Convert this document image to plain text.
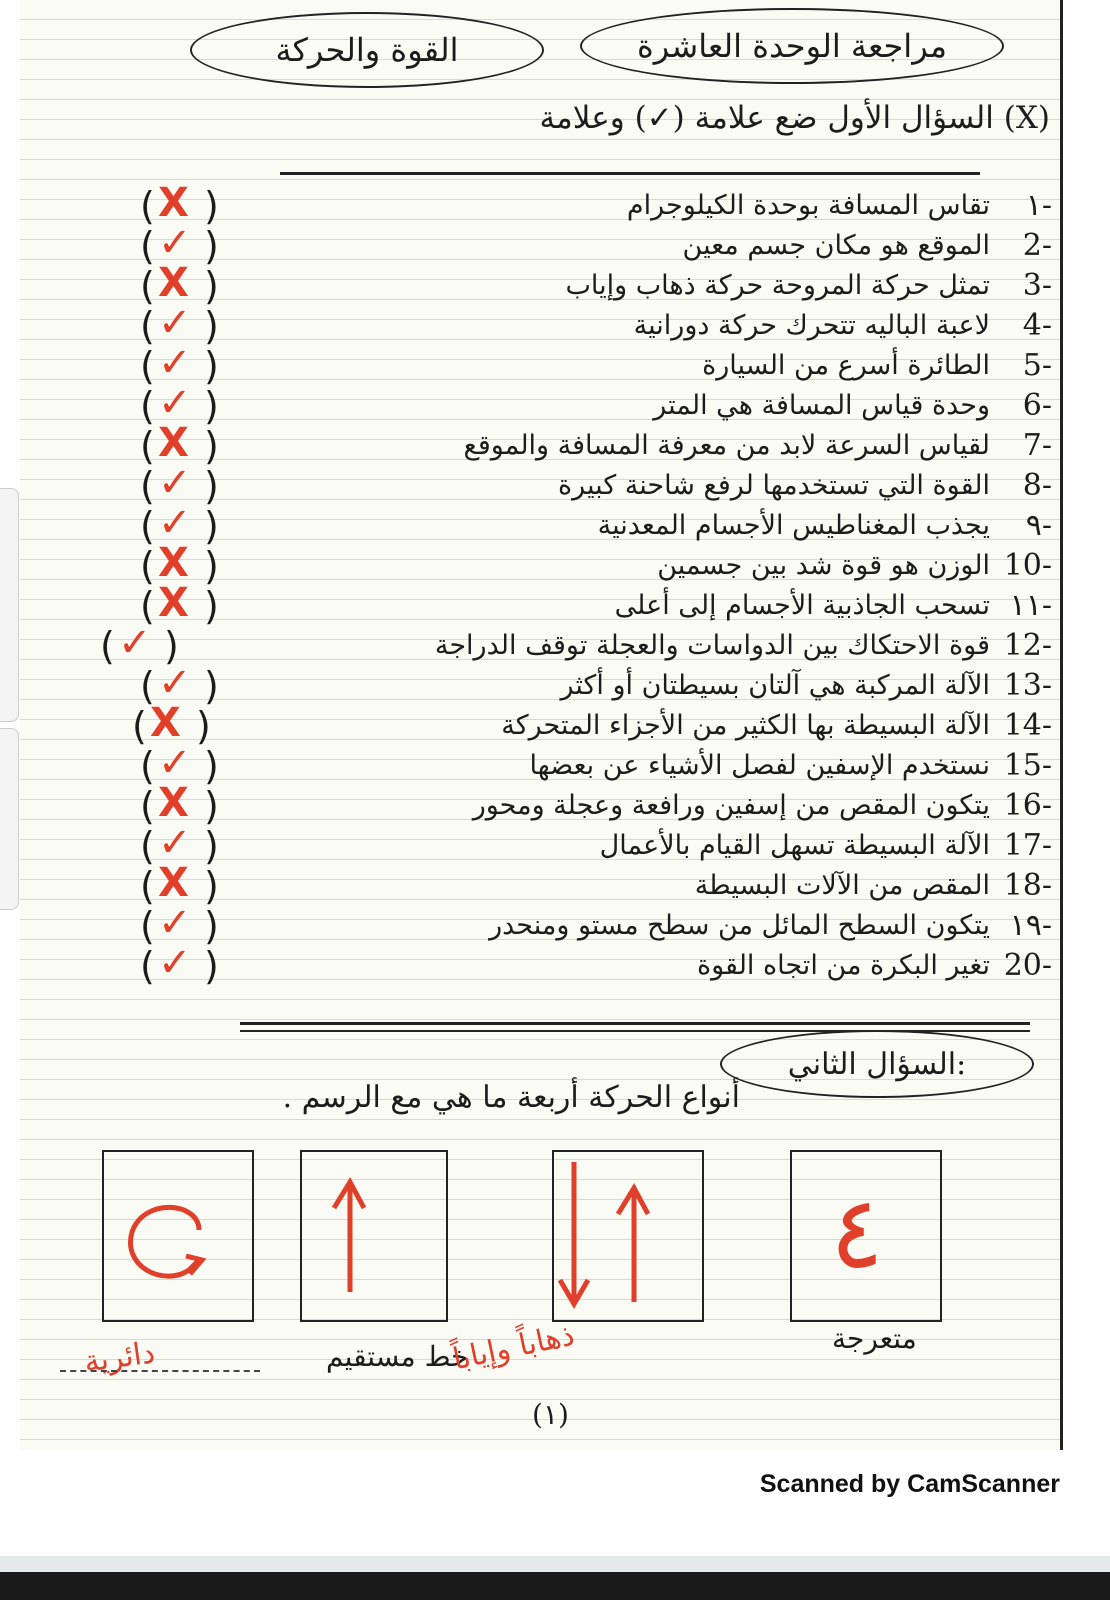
مراجعة الوحدة العاشرة
القوة والحركة
السؤال الأول ضع علامة (✓) وعلامة (X)
١-
تقاس المسافة بوحدة الكيلوجرام
( )
X
2-
الموقع هو مكان جسم معين
( )
✓
3-
تمثل حركة المروحة حركة ذهاب وإياب
( )
X
4-
لاعبة الباليه تتحرك حركة دورانية
( )
✓
5-
الطائرة أسرع من السيارة
( )
✓
6-
وحدة قياس المسافة هي المتر
( )
✓
7-
لقياس السرعة لابد من معرفة المسافة والموقع
( )
X
8-
القوة التي تستخدمها لرفع شاحنة كبيرة
( )
✓
٩-
يجذب المغناطيس الأجسام المعدنية
( )
✓
10-
الوزن هو قوة شد بين جسمين
( )
X
١١-
تسحب الجاذبية الأجسام إلى أعلى
( )
X
12-
قوة الاحتكاك بين الدواسات والعجلة توقف الدراجة
( )
✓
13-
الآلة المركبة هي آلتان بسيطتان أو أكثر
( )
✓
14-
الآلة البسيطة بها الكثير من الأجزاء المتحركة
( )
X
15-
نستخدم الإسفين لفصل الأشياء عن بعضها
( )
✓
16-
يتكون المقص من إسفين ورافعة وعجلة ومحور
( )
X
17-
الآلة البسيطة تسهل القيام بالأعمال
( )
✓
18-
المقص من الآلات البسيطة
( )
X
١٩-
يتكون السطح المائل من سطح مستو ومنحدر
( )
✓
20-
تغير البكرة من اتجاه القوة
( )
✓
السؤال الثاني:
أنواع الحركة أربعة ما هي مع الرسم .
٤
متعرجة
خط مستقيم
ذهاباً وإياباً
دائرية
(١)
Scanned by CamScanner
